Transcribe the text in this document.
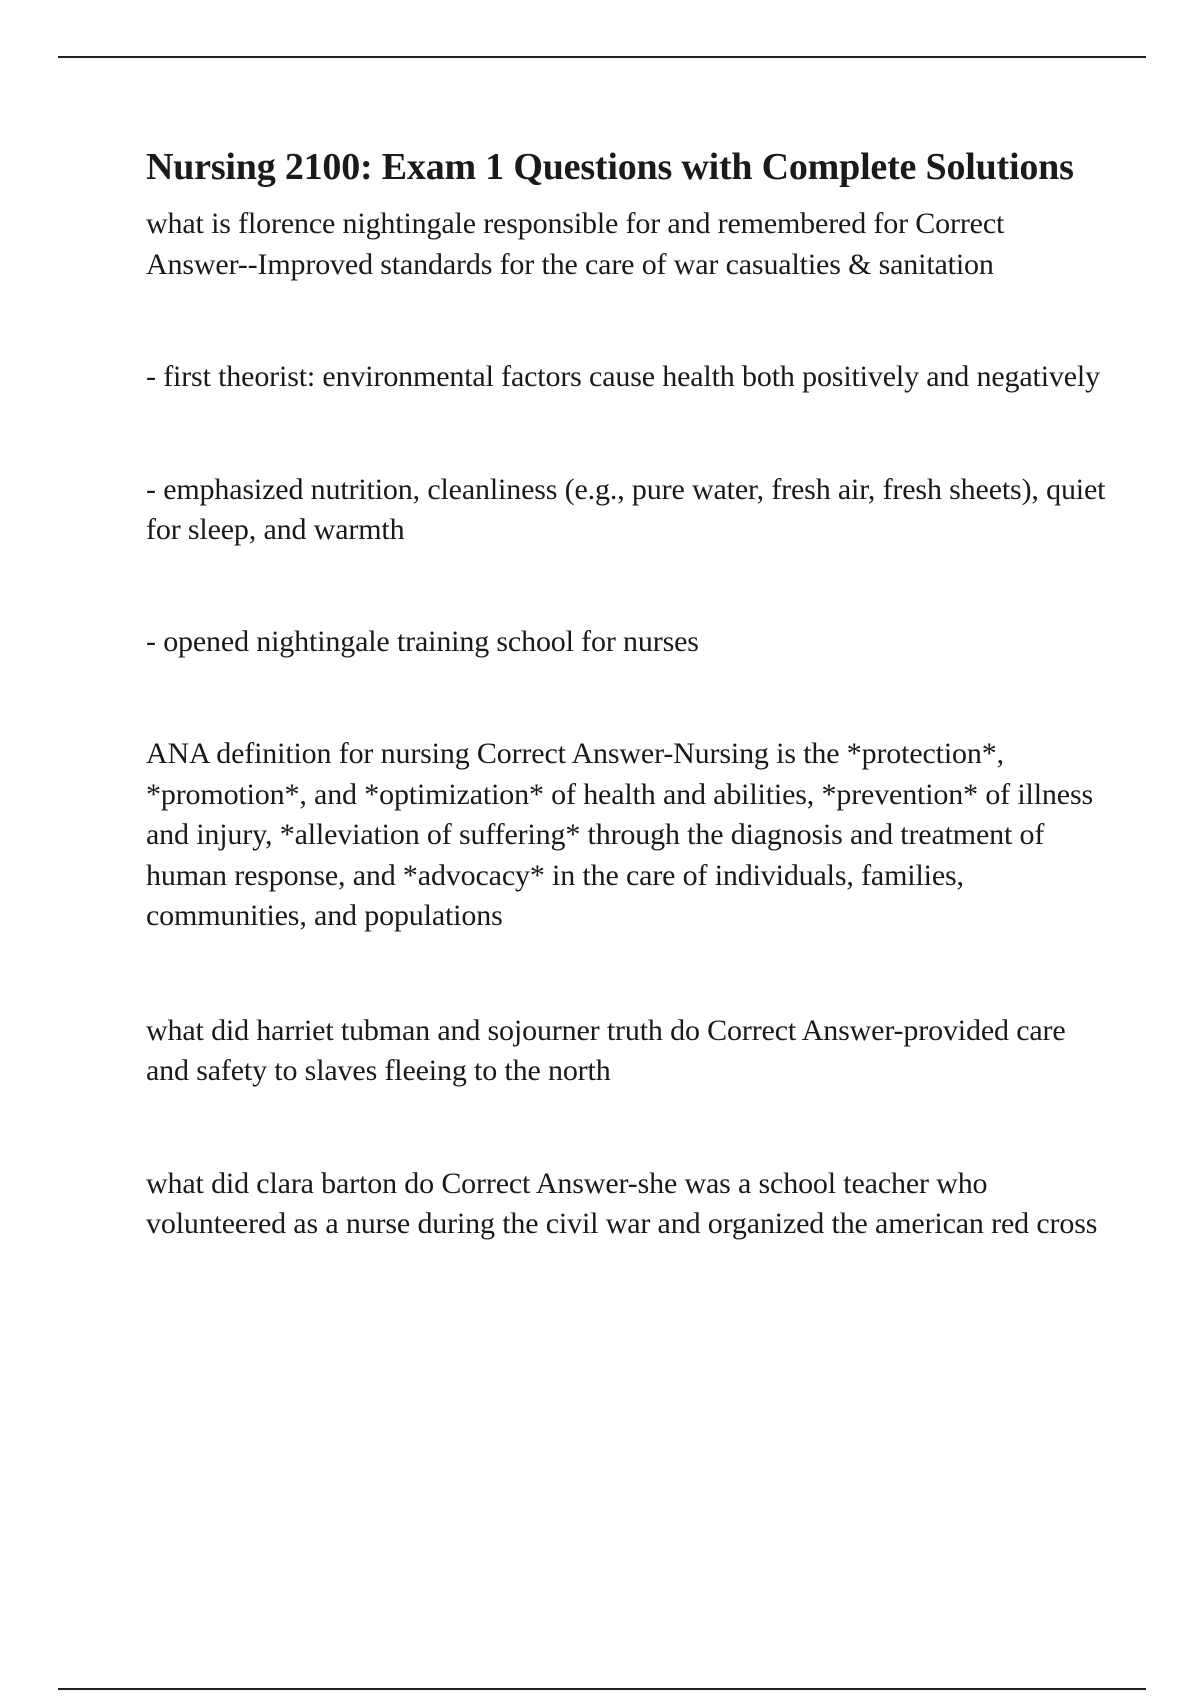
Nursing 2100: Exam 1 Questions with Complete Solutions

what is florence nightingale responsible for and remembered for Correct Answer--Improved standards for the care of war casualties & sanitation

- first theorist: environmental factors cause health both positively and negatively

- emphasized nutrition, cleanliness (e.g., pure water, fresh air, fresh sheets), quiet for sleep, and warmth

- opened nightingale training school for nurses

ANA definition for nursing Correct Answer-Nursing is the *protection*, *promotion*, and *optimization* of health and abilities, *prevention* of illness and injury, *alleviation of suffering* through the diagnosis and treatment of human response, and *advocacy* in the care of individuals, families, communities, and populations

what did harriet tubman and sojourner truth do Correct Answer-provided care and safety to slaves fleeing to the north

what did clara barton do Correct Answer-she was a school teacher who volunteered as a nurse during the civil war and organized the american red cross
